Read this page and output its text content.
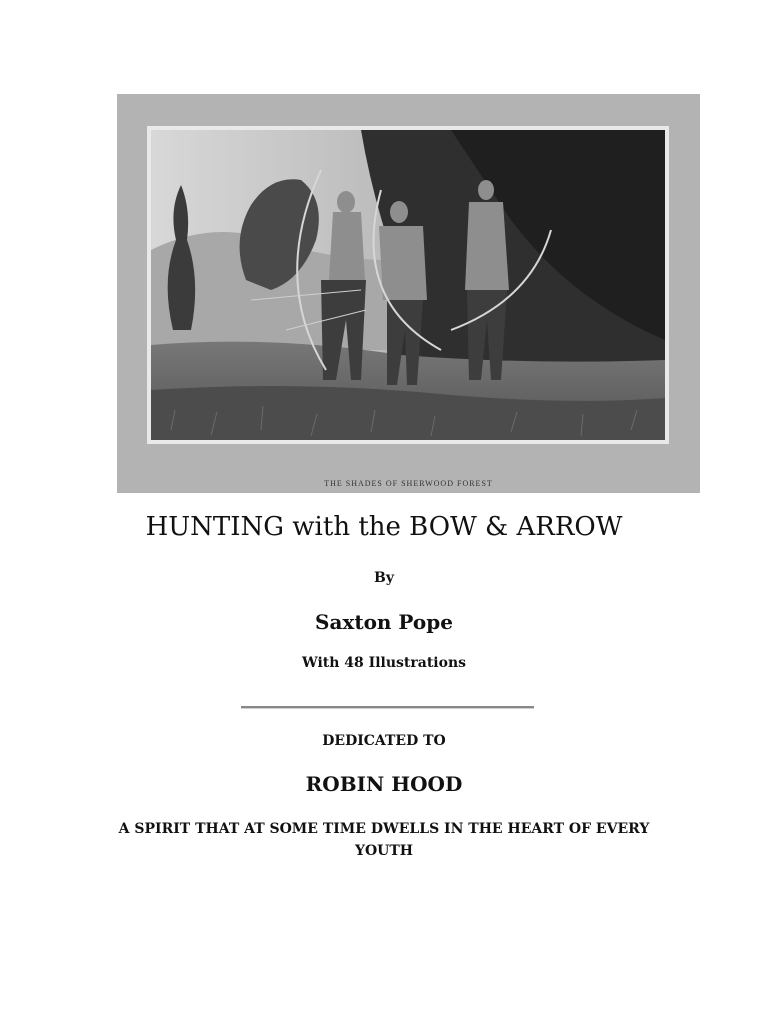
THE SHADES OF SHERWOOD FOREST
HUNTING with the BOW & ARROW
By
Saxton Pope
With 48 Illustrations
DEDICATED TO
ROBIN HOOD
A SPIRIT THAT AT SOME TIME DWELLS IN THE HEART OF EVERY YOUTH
